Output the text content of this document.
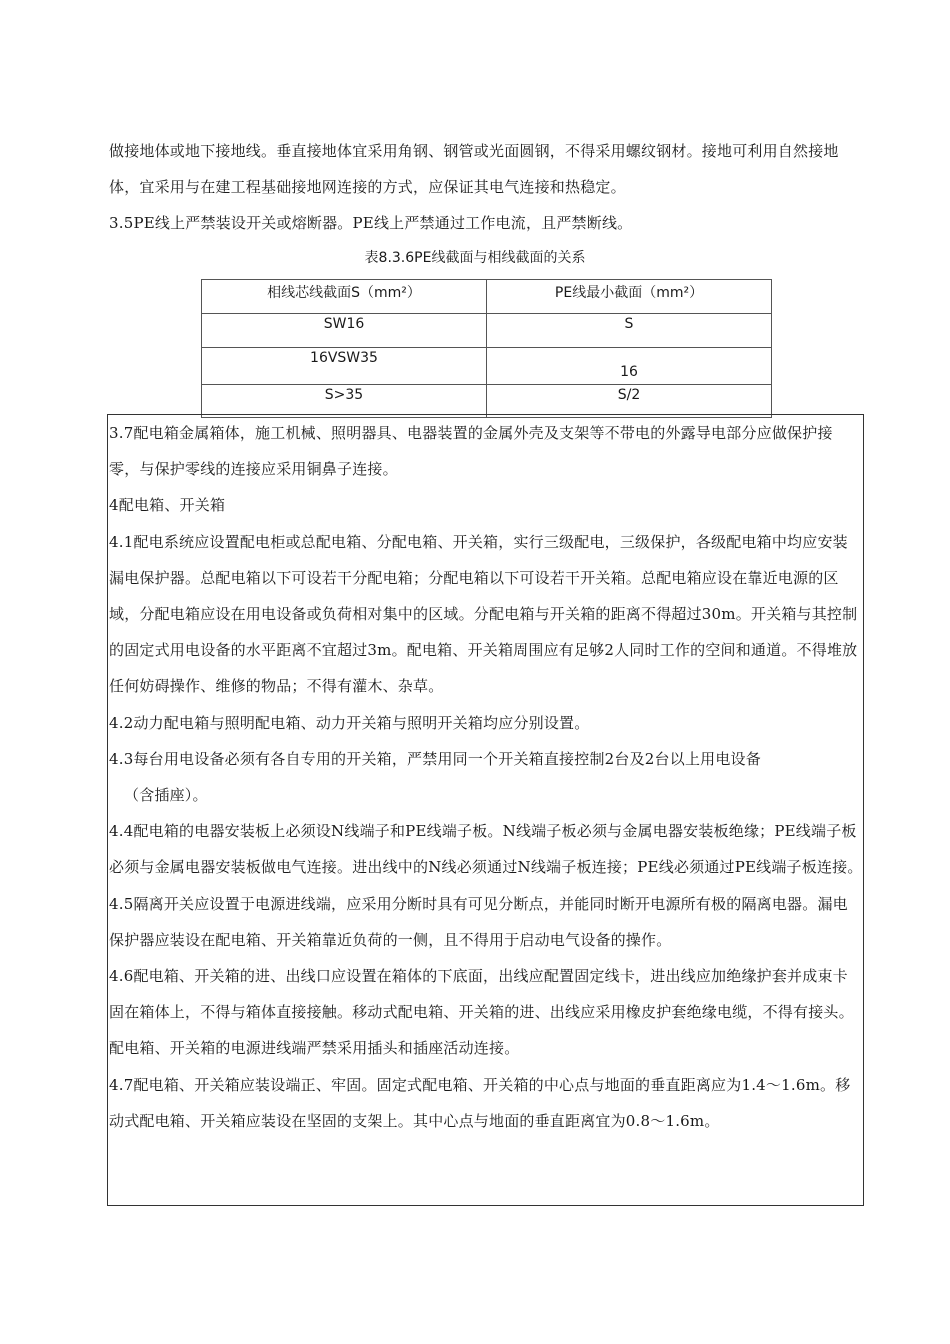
做接地体或地下接地线。垂直接地体宜采用角钢、钢管或光面圆钢，不得采用螺纹钢材。接地可利用自然接地体，宜采用与在建工程基础接地网连接的方式，应保证其电气连接和热稳定。
3.5PE线上严禁装设开关或熔断器。PE线上严禁通过工作电流，且严禁断线。
表8.3.6PE线截面与相线截面的关系
相线芯线截面S（mm²）	PE线最小截面（mm²）
SW16	S
16VSW35	16
S>35	S/2

3.7配电箱金属箱体，施工机械、照明器具、电器装置的金属外壳及支架等不带电的外露导电部分应做保护接零，与保护零线的连接应采用铜鼻子连接。

4配电箱、开关箱

4.1配电系统应设置配电柜或总配电箱、分配电箱、开关箱，实行三级配电，三级保护，各级配电箱中均应安装漏电保护器。总配电箱以下可设若干分配电箱；分配电箱以下可设若干开关箱。总配电箱应设在靠近电源的区域，分配电箱应设在用电设备或负荷相对集中的区域。分配电箱与开关箱的距离不得超过30m。开关箱与其控制的固定式用电设备的水平距离不宜超过3m。配电箱、开关箱周围应有足够2人同时工作的空间和通道。不得堆放任何妨碍操作、维修的物品；不得有灌木、杂草。

4.2动力配电箱与照明配电箱、动力开关箱与照明开关箱均应分别设置。

4.3每台用电设备必须有各自专用的开关箱，严禁用同一个开关箱直接控制2台及2台以上用电设备

（含插座）。

4.4配电箱的电器安装板上必须设N线端子和PE线端子板。N线端子板必须与金属电器安装板绝缘；PE线端子板必须与金属电器安装板做电气连接。进出线中的N线必须通过N线端子板连接；PE线必须通过PE线端子板连接。

4.5隔离开关应设置于电源进线端，应采用分断时具有可见分断点，并能同时断开电源所有极的隔离电器。漏电保护器应装设在配电箱、开关箱靠近负荷的一侧，且不得用于启动电气设备的操作。

4.6配电箱、开关箱的进、出线口应设置在箱体的下底面，出线应配置固定线卡，进出线应加绝缘护套并成束卡固在箱体上，不得与箱体直接接触。移动式配电箱、开关箱的进、出线应采用橡皮护套绝缘电缆，不得有接头。配电箱、开关箱的电源进线端严禁采用插头和插座活动连接。

4.7配电箱、开关箱应装设端正、牢固。固定式配电箱、开关箱的中心点与地面的垂直距离应为1.4〜1.6m。移动式配电箱、开关箱应装设在坚固的支架上。其中心点与地面的垂直距离宜为0.8〜1.6m。
